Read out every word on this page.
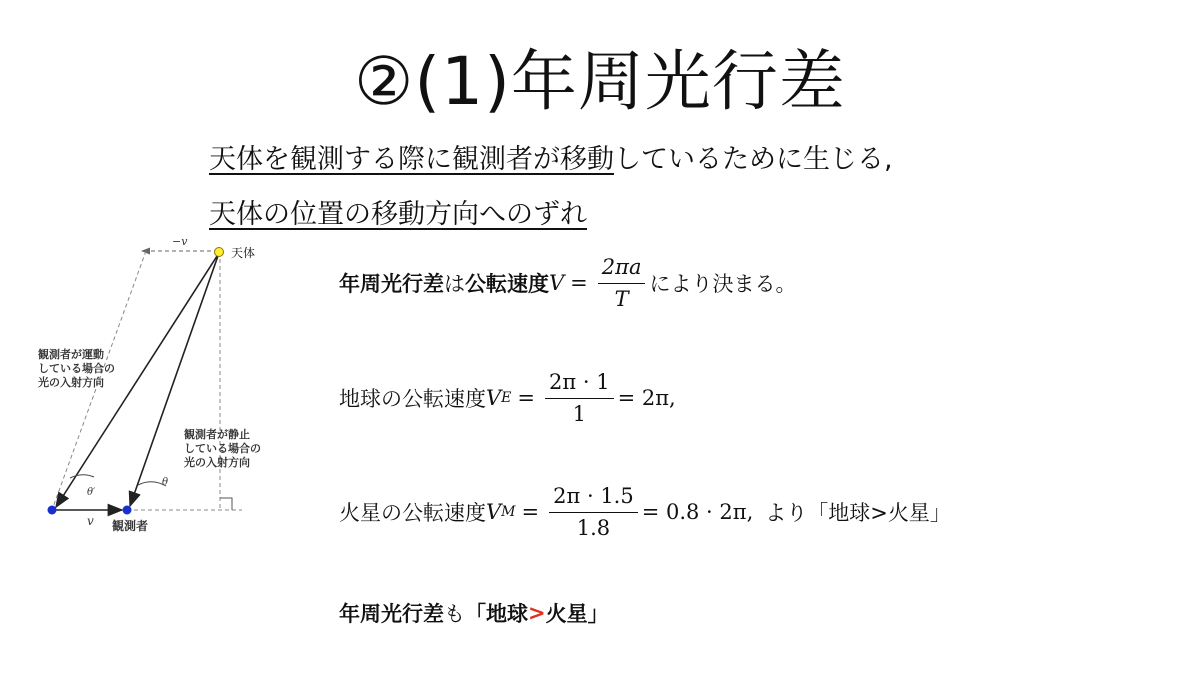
②(1)年周光行差
天体を観測する際に観測者が移動しているために生じる,
天体の位置の移動方向へのずれ
−v
天体
v 観測者
θ′
θ
観測者が運動 している場合の 光の入射方向
観測者が静止 している場合の 光の入射方向
年周光行差 は 公転速度 $V = \frac{2\pi a}{T}$ により決まる。
地球の公転速度 V $E = \frac{2\pi \cdot 1}{1} = 2\pi$,
火星の公転速度 V $M = \frac{2\pi \cdot 1.5}{1.8} = 0.8 \cdot 2\pi$, より「地球>火星」
年周光行差 も 「 地球 > 火星 」
